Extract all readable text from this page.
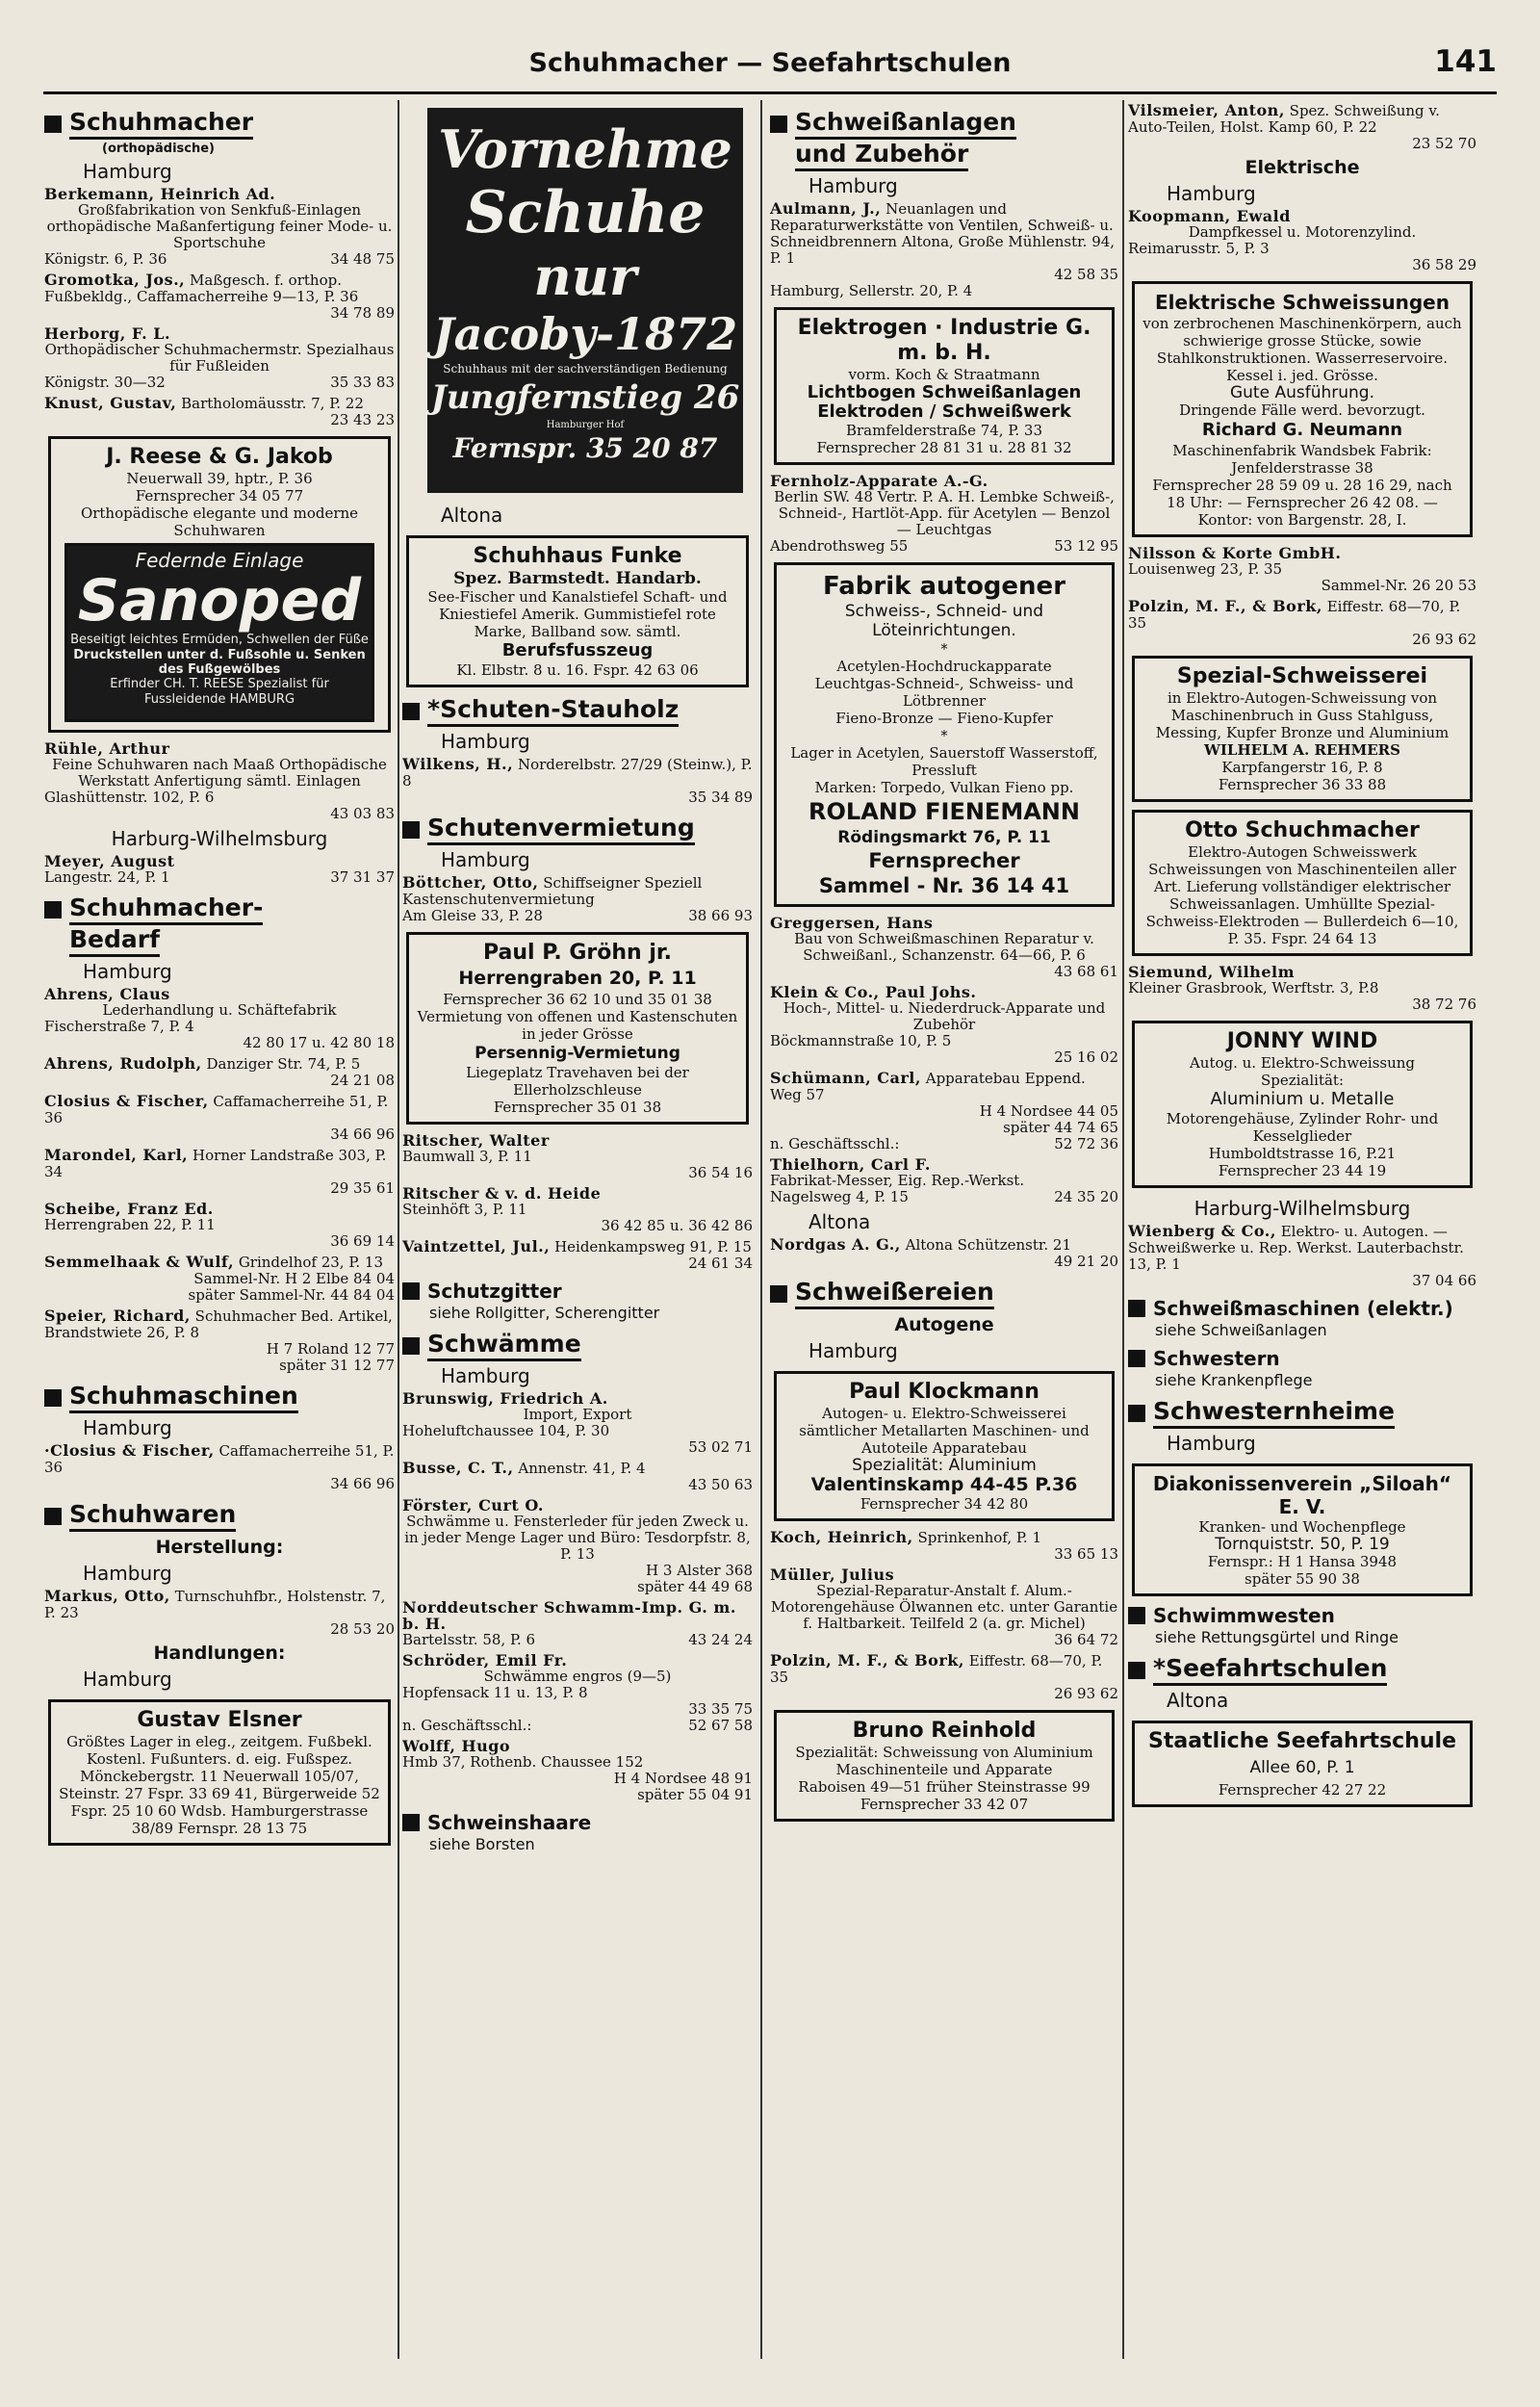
Schuhmacher — Seefahrtschulen	141
Schuhmacher
(orthopädische)
Hamburg
Berkemann, Heinrich Ad.
Großfabrikation von Senkfuß-Einlagen orthopädische Maßanfertigung feiner Mode- u. Sportschuhe
Königstr. 6, P. 36	34 48 75
Gromotka, Jos., Maßgesch. f. orthop. Fußbekldg., Caffamacherreihe 9—13, P. 36
34 78 89
Herborg, F. L.
Orthopädischer Schuhmachermstr. Spezialhaus für Fußleiden
Königstr. 30—32	35 33 83
Knust, Gustav, Bartholomäusstr. 7, P. 22
23 43 23
J. Reese & G. Jakob
Neuerwall 39, hptr., P. 36
Fernsprecher 34 05 77
Orthopädische elegante und moderne Schuhwaren
Federnde Einlage
Sanoped
Beseitigt leichtes Ermüden, Schwellen der Füße
Druckstellen unter d. Fußsohle u. Senken des Fußgewölbes
Erfinder CH. T. REESE Spezialist für Fussleidende HAMBURG
Rühle, Arthur
Feine Schuhwaren nach Maaß Orthopädische Werkstatt Anfertigung sämtl. Einlagen
Glashüttenstr. 102, P. 6
43 03 83
Harburg-Wilhelmsburg
Meyer, August
Langestr. 24, P. 1	37 31 37
Schuhmacher-
Bedarf
Hamburg
Ahrens, Claus
Lederhandlung u. Schäftefabrik
Fischerstraße 7, P. 4
42 80 17 u. 42 80 18
Ahrens, Rudolph, Danziger Str. 74, P. 5
24 21 08
Closius & Fischer, Caffamacherreihe 51, P. 36
34 66 96
Marondel, Karl, Horner Landstraße 303, P. 34
29 35 61
Scheibe, Franz Ed.
Herrengraben 22, P. 11
36 69 14
Semmelhaak & Wulf, Grindelhof 23, P. 13
Sammel-Nr. H 2 Elbe 84 04
später Sammel-Nr. 44 84 04
Speier, Richard, Schuhmacher Bed. Artikel, Brandstwiete 26, P. 8
H 7 Roland 12 77
später 31 12 77
Schuhmaschinen
Hamburg
·Closius & Fischer, Caffamacherreihe 51, P. 36
34 66 96
Schuhwaren
Herstellung:
Hamburg
Markus, Otto, Turnschuhfbr., Holstenstr. 7, P. 23
28 53 20
Handlungen:
Hamburg
Gustav Elsner
Größtes Lager in eleg., zeitgem. Fußbekl. Kostenl. Fußunters. d. eig. Fußspez. Mönckebergstr. 11 Neuerwall 105/07, Steinstr. 27 Fspr. 33 69 41, Bürgerweide 52 Fspr. 25 10 60 Wdsb. Hamburgerstrasse 38/89 Fernspr. 28 13 75
Vornehme
Schuhe
nur
Jacoby-1872
Schuhhaus mit der sachverständigen Bedienung
Jungfernstieg 26
Hamburger Hof
Fernspr. 35 20 87
Altona
Schuhhaus Funke
Spez. Barmstedt. Handarb.
See-Fischer und Kanalstiefel Schaft- und Kniestiefel Amerik. Gummistiefel rote Marke, Ballband sow. sämtl.
Berufsfusszeug
Kl. Elbstr. 8 u. 16. Fspr. 42 63 06
*Schuten-Stauholz
Hamburg
Wilkens, H., Norderelbstr. 27/29 (Steinw.), P. 8
35 34 89
Schutenvermietung
Hamburg
Böttcher, Otto, Schiffseigner Speziell Kastenschutenvermietung
Am Gleise 33, P. 28	38 66 93
Paul P. Gröhn jr.
Herrengraben 20, P. 11
Fernsprecher 36 62 10 und 35 01 38
Vermietung von offenen und Kastenschuten in jeder Grösse
Persennig-Vermietung
Liegeplatz Travehaven bei der Ellerholzschleuse
Fernsprecher 35 01 38
Ritscher, Walter
Baumwall 3, P. 11
36 54 16
Ritscher & v. d. Heide
Steinhöft 3, P. 11
36 42 85 u. 36 42 86
Vaintzettel, Jul., Heidenkampsweg 91, P. 15
24 61 34
Schutzgitter
siehe Rollgitter, Scherengitter
Schwämme
Hamburg
Brunswig, Friedrich A.
Import, Export
Hoheluftchaussee 104, P. 30
53 02 71
Busse, C. T., Annenstr. 41, P. 4
43 50 63
Förster, Curt O.
Schwämme u. Fensterleder für jeden Zweck u. in jeder Menge Lager und Büro: Tesdorpfstr. 8, P. 13
H 3 Alster 368
später 44 49 68
Norddeutscher Schwamm-Imp. G. m. b. H.
Bartelsstr. 58, P. 6	43 24 24
Schröder, Emil Fr.
Schwämme engros (9—5)
Hopfensack 11 u. 13, P. 8
33 35 75
n. Geschäftsschl.:	52 67 58
Wolff, Hugo
Hmb 37, Rothenb. Chaussee 152
H 4 Nordsee 48 91
später 55 04 91
Schweinshaare
siehe Borsten
Schweißanlagen
und Zubehör
Hamburg
Aulmann, J., Neuanlagen und Reparaturwerkstätte von Ventilen, Schweiß- u. Schneidbrennern Altona, Große Mühlenstr. 94, P. 1
42 58 35
Hamburg, Sellerstr. 20, P. 4
Elektrogen · Industrie G. m. b. H.
vorm. Koch & Straatmann
Lichtbogen Schweißanlagen
Elektroden / Schweißwerk
Bramfelderstraße 74, P. 33
Fernsprecher 28 81 31 u. 28 81 32
Fernholz-Apparate A.-G.
Berlin SW. 48 Vertr. P. A. H. Lembke Schweiß-, Schneid-, Hartlöt-App. für Acetylen — Benzol — Leuchtgas
Abendrothsweg 55	53 12 95
Fabrik autogener
Schweiss-, Schneid- und Löteinrichtungen.
*
Acetylen-Hochdruckapparate
Leuchtgas-Schneid-, Schweiss- und Lötbrenner
Fieno-Bronze — Fieno-Kupfer
*
Lager in Acetylen, Sauerstoff Wasserstoff, Pressluft
Marken: Torpedo, Vulkan Fieno pp.
ROLAND FIENEMANN
Rödingsmarkt 76, P. 11
Fernsprecher
Sammel - Nr. 36 14 41
Greggersen, Hans
Bau von Schweißmaschinen Reparatur v. Schweißanl., Schanzenstr. 64—66, P. 6
43 68 61
Klein & Co., Paul Johs.
Hoch-, Mittel- u. Niederdruck-Apparate und Zubehör
Böckmannstraße 10, P. 5
25 16 02
Schümann, Carl, Apparatebau Eppend. Weg 57
H 4 Nordsee 44 05
später 44 74 65
n. Geschäftsschl.:	52 72 36
Thielhorn, Carl F.
Fabrikat-Messer, Eig. Rep.-Werkst.
Nagelsweg 4, P. 15	24 35 20
Altona
Nordgas A. G., Altona Schützenstr. 21
49 21 20
Schweißereien
Autogene
Hamburg
Paul Klockmann
Autogen- u. Elektro-Schweisserei sämtlicher Metallarten Maschinen- und Autoteile Apparatebau
Spezialität: Aluminium
Valentinskamp 44-45 P.36
Fernsprecher 34 42 80
Koch, Heinrich, Sprinkenhof, P. 1
33 65 13
Müller, Julius
Spezial-Reparatur-Anstalt f. Alum.-Motorengehäuse Ölwannen etc. unter Garantie f. Haltbarkeit. Teilfeld 2 (a. gr. Michel)
36 64 72
Polzin, M. F., & Bork, Eiffestr. 68—70, P. 35
26 93 62
Bruno Reinhold
Spezialität: Schweissung von Aluminium Maschinenteile und Apparate
Raboisen 49—51 früher Steinstrasse 99
Fernsprecher 33 42 07
Vilsmeier, Anton, Spez. Schweißung v. Auto-Teilen, Holst. Kamp 60, P. 22
23 52 70
Elektrische
Hamburg
Koopmann, Ewald
Dampfkessel u. Motorenzylind.
Reimarusstr. 5, P. 3
36 58 29
Elektrische Schweissungen
von zerbrochenen Maschinenkörpern, auch schwierige grosse Stücke, sowie Stahlkonstruktionen. Wasserreservoire. Kessel i. jed. Grösse.
Gute Ausführung.
Dringende Fälle werd. bevorzugt.
Richard G. Neumann
Maschinenfabrik Wandsbek Fabrik: Jenfelderstrasse 38
Fernsprecher 28 59 09 u. 28 16 29, nach 18 Uhr: — Fernsprecher 26 42 08. —
Kontor: von Bargenstr. 28, I.
Nilsson & Korte GmbH.
Louisenweg 23, P. 35
Sammel-Nr. 26 20 53
Polzin, M. F., & Bork, Eiffestr. 68—70, P. 35
26 93 62
Spezial-Schweisserei
in Elektro-Autogen-Schweissung von Maschinenbruch in Guss Stahlguss, Messing, Kupfer Bronze und Aluminium
WILHELM A. REHMERS
Karpfangerstr 16, P. 8
Fernsprecher 36 33 88
Otto Schuchmacher
Elektro-Autogen Schweisswerk Schweissungen von Maschinenteilen aller Art. Lieferung vollständiger elektrischer Schweissanlagen. Umhüllte Spezial-Schweiss-Elektroden — Bullerdeich 6—10, P. 35. Fspr. 24 64 13
Siemund, Wilhelm
Kleiner Grasbrook, Werftstr. 3, P.8
38 72 76
JONNY WIND
Autog. u. Elektro-Schweissung
Spezialität:
Aluminium u. Metalle
Motorengehäuse, Zylinder Rohr- und Kesselglieder
Humboldtstrasse 16, P.21
Fernsprecher 23 44 19
Harburg-Wilhelmsburg
Wienberg & Co., Elektro- u. Autogen. — Schweißwerke u. Rep. Werkst. Lauterbachstr. 13, P. 1
37 04 66
Schweißmaschinen (elektr.)
siehe Schweißanlagen
Schwestern
siehe Krankenpflege
Schwesternheime
Hamburg
Diakonissenverein „Siloah“ E. V.
Kranken- und Wochenpflege
Tornquiststr. 50, P. 19
Fernspr.: H 1 Hansa 3948
später 55 90 38
Schwimmwesten
siehe Rettungsgürtel und Ringe
*Seefahrtschulen
Altona
Staatliche Seefahrtschule
Allee 60, P. 1
Fernsprecher 42 27 22
